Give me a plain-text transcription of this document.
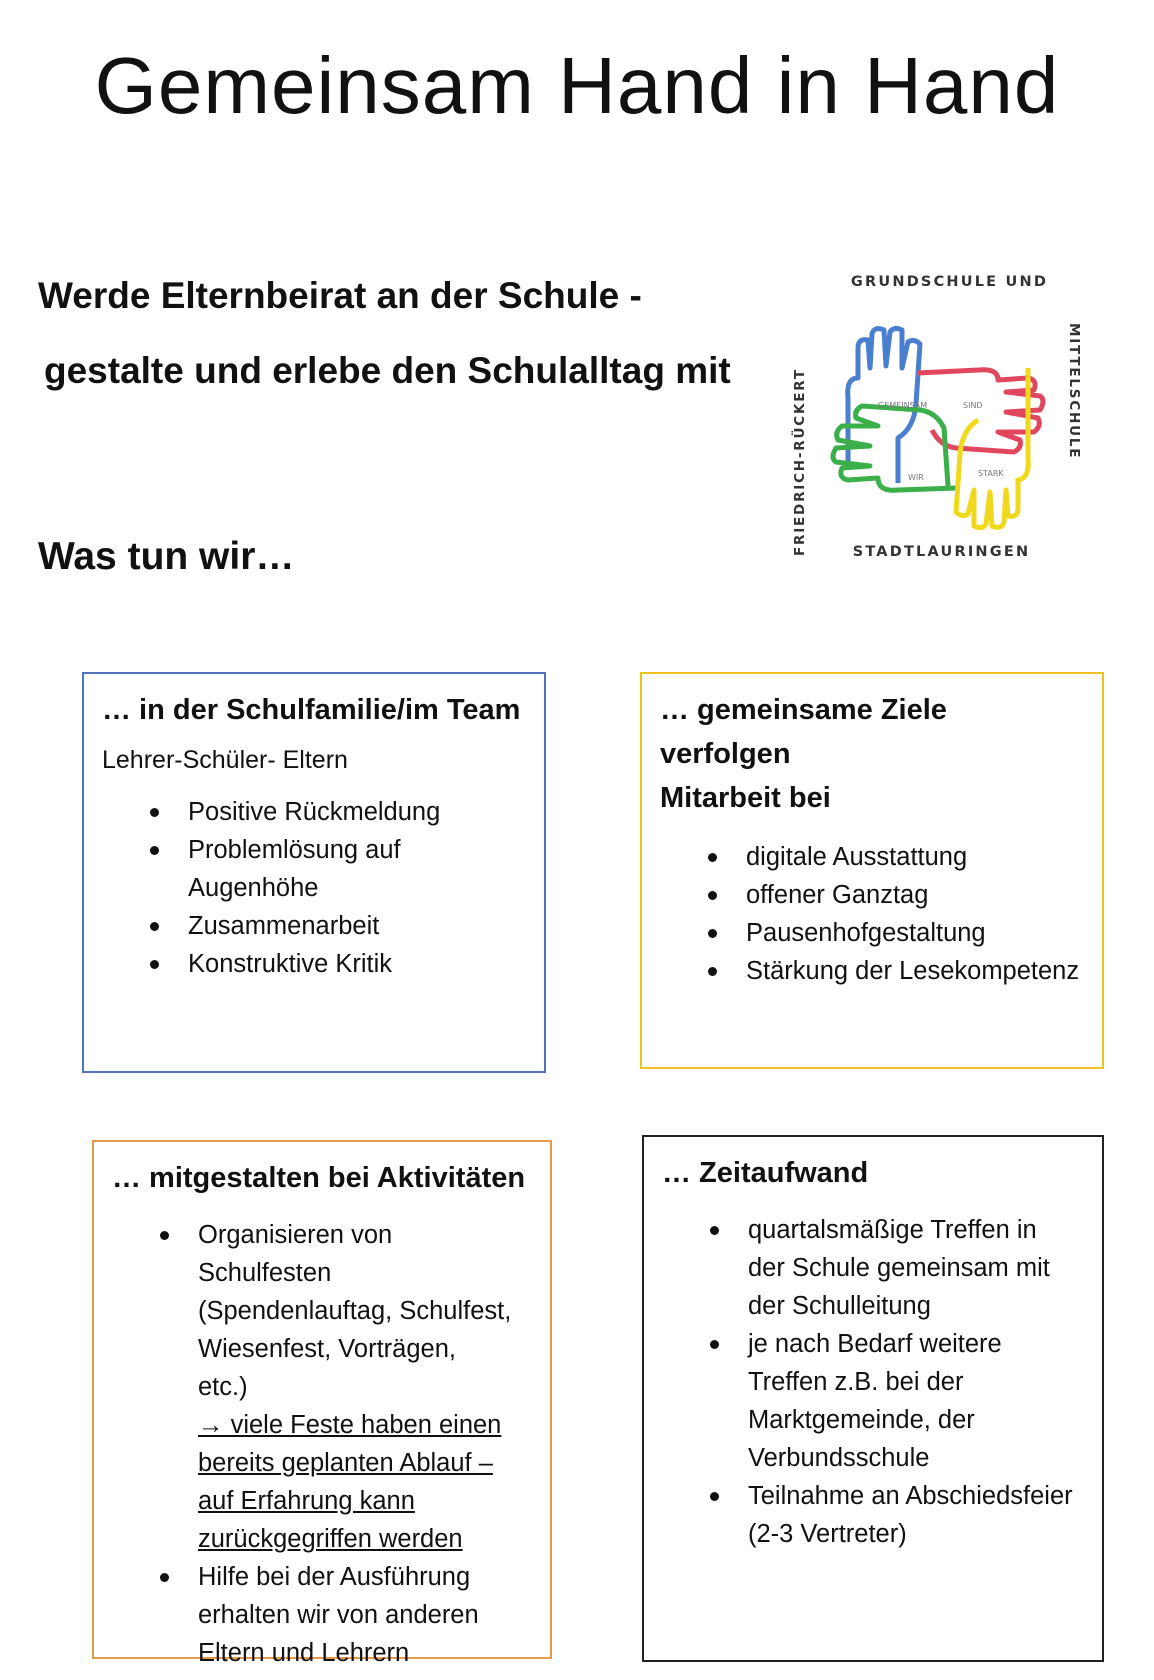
Gemeinsam Hand in Hand

Werde Elternbeirat an der Schule -

gestalte und erlebe den Schulalltag mit

GRUNDSCHULE UND
MITTELSCHULE
STADTLAURINGEN
FRIEDRICH-RÜCKERT	GEMEINSAM	SIND
WIR	STARK
Was tun wir…
… in der Schulfamilie/im Team
Lehrer-Schüler- Eltern
Positive Rückmeldung
Problemlösung auf Augenhöhe
Zusammenarbeit
Konstruktive Kritik
… gemeinsame Ziele verfolgen
Mitarbeit bei
digitale Ausstattung
offener Ganztag
Pausenhofgestaltung
Stärkung der Lesekompetenz
… mitgestalten bei Aktivitäten
Organisieren von Schulfesten (Spendenlauftag, Schulfest, Wiesenfest, Vorträgen, etc.)
→ viele Feste haben einen bereits geplanten Ablauf – auf Erfahrung kann zurückgegriffen werden
Hilfe bei der Ausführung erhalten wir von anderen Eltern und Lehrern
… Zeitaufwand
quartalsmäßige Treffen in der Schule gemeinsam mit der Schulleitung
je nach Bedarf weitere Treffen z.B. bei der Marktgemeinde, der Verbundsschule
Teilnahme an Abschiedsfeier (2-3 Vertreter)
